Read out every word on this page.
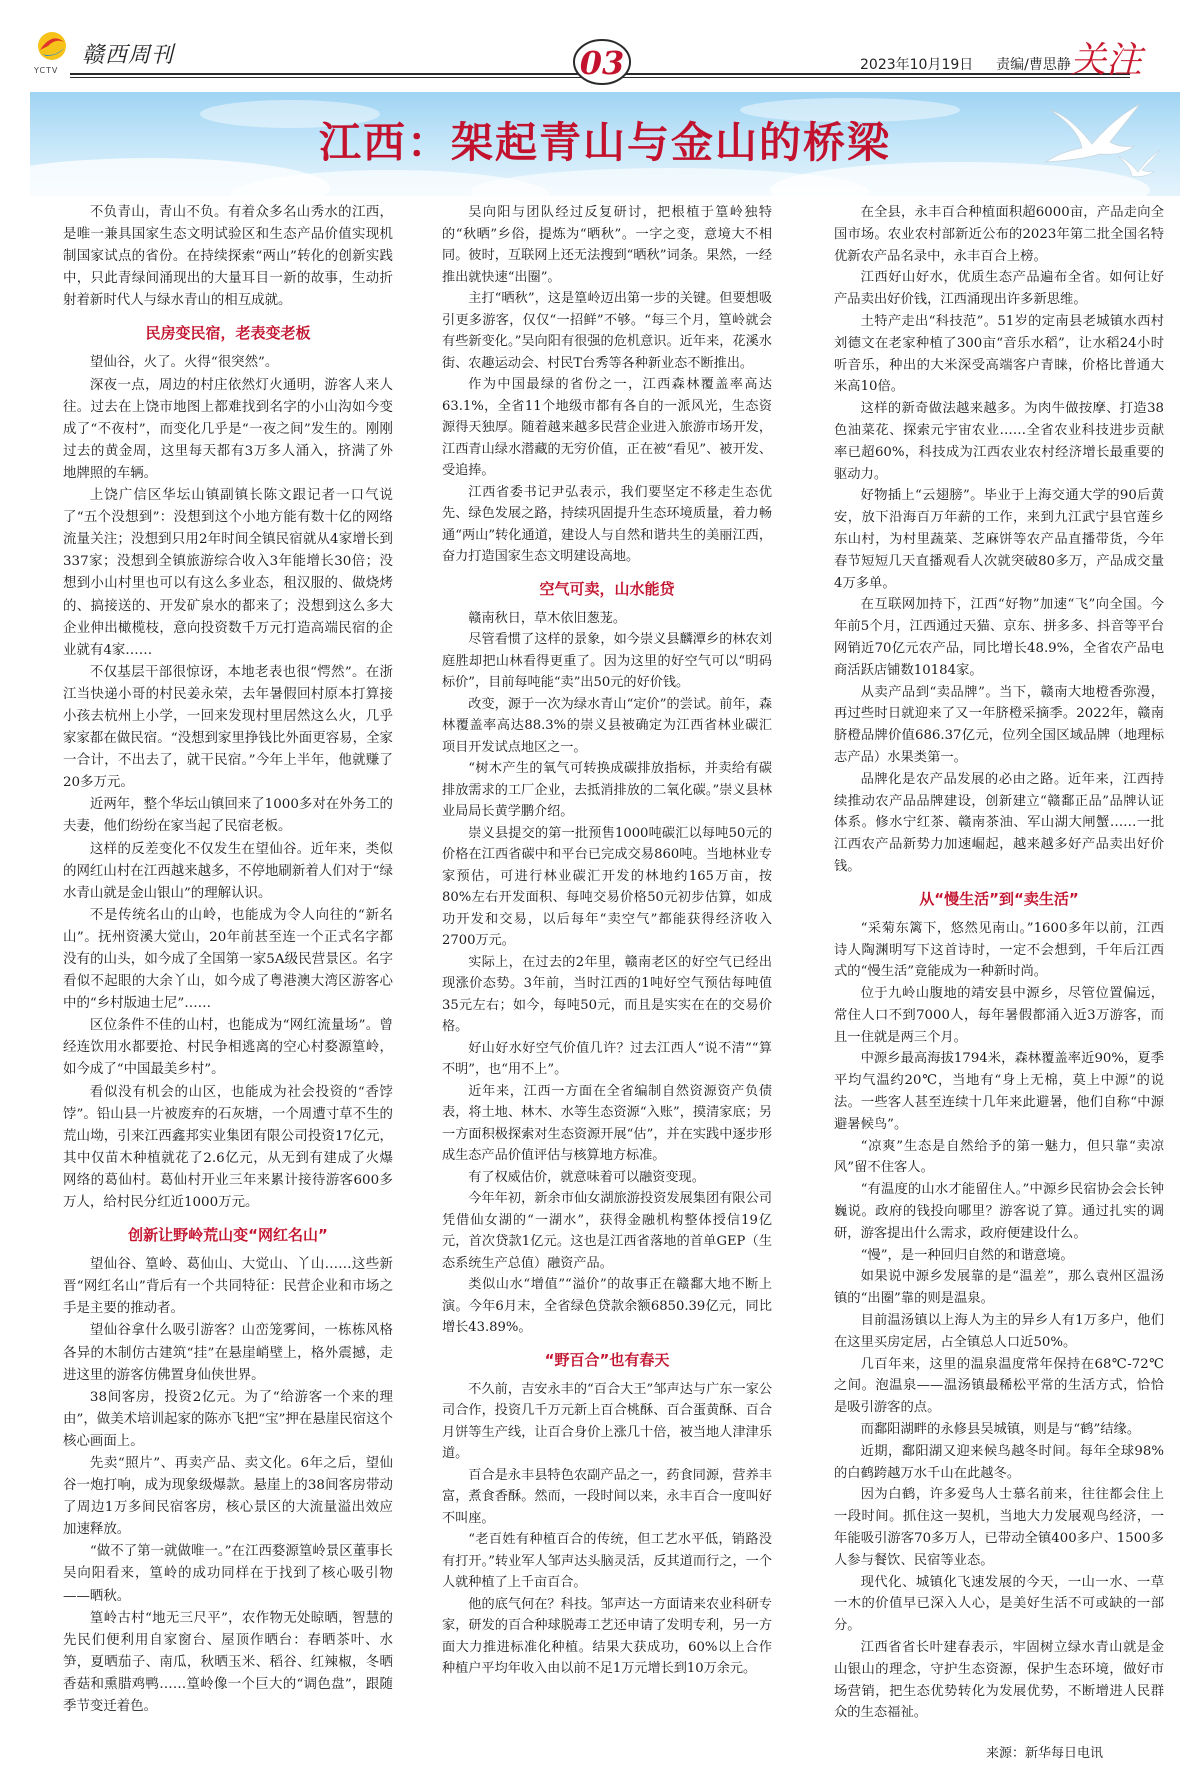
YCTV
赣西周刊	03	2023年10月19日 责编/曹思静 关注
江西：架起青山与金山的桥梁

不负青山，青山不负。有着众多名山秀水的江西，是唯一兼具国家生态文明试验区和生态产品价值实现机制国家试点的省份。在持续探索“两山”转化的创新实践中，只此青绿间涌现出的大量耳目一新的故事，生动折射着新时代人与绿水青山的相互成就。

民房变民宿，老表变老板

望仙谷，火了。火得“很突然”。

深夜一点，周边的村庄依然灯火通明，游客人来人往。过去在上饶市地图上都难找到名字的小山沟如今变成了“不夜村”，而变化几乎是“一夜之间”发生的。刚刚过去的黄金周，这里每天都有3万多人涌入，挤满了外地牌照的车辆。

上饶广信区华坛山镇副镇长陈文跟记者一口气说了“五个没想到”：没想到这个小地方能有数十亿的网络流量关注；没想到只用2年时间全镇民宿就从4家增长到337家；没想到全镇旅游综合收入3年能增长30倍；没想到小山村里也可以有这么多业态，租汉服的、做烧烤的、搞接送的、开发矿泉水的都来了；没想到这么多大企业伸出橄榄枝，意向投资数千万元打造高端民宿的企业就有4家……

不仅基层干部很惊讶，本地老表也很“愕然”。在浙江当快递小哥的村民姜永荣，去年暑假回村原本打算接小孩去杭州上小学，一回来发现村里居然这么火，几乎家家都在做民宿。“没想到家里挣钱比外面更容易，全家一合计，不出去了，就干民宿。”今年上半年，他就赚了20多万元。

近两年，整个华坛山镇回来了1000多对在外务工的夫妻，他们纷纷在家当起了民宿老板。

这样的反差变化不仅发生在望仙谷。近年来，类似的网红山村在江西越来越多，不停地刷新着人们对于“绿水青山就是金山银山”的理解认识。

不是传统名山的山岭，也能成为令人向往的“新名山”。抚州资溪大觉山，20年前甚至连一个正式名字都没有的山头，如今成了全国第一家5A级民营景区。名字看似不起眼的大余丫山，如今成了粤港澳大湾区游客心中的“乡村版迪士尼”……

区位条件不佳的山村，也能成为“网红流量场”。曾经连饮用水都要抢、村民争相逃离的空心村婺源篁岭，如今成了“中国最美乡村”。

看似没有机会的山区，也能成为社会投资的“香饽饽”。铅山县一片被废弃的石灰塘，一个周遭寸草不生的荒山坳，引来江西鑫邦实业集团有限公司投资17亿元，其中仅苗木种植就花了2.6亿元，从无到有建成了火爆网络的葛仙村。葛仙村开业三年来累计接待游客600多万人，给村民分红近1000万元。

创新让野岭荒山变“网红名山”

望仙谷、篁岭、葛仙山、大觉山、丫山……这些新晋“网红名山”背后有一个共同特征：民营企业和市场之手是主要的推动者。

望仙谷拿什么吸引游客？山峦笼雾间，一栋栋风格各异的木制仿古建筑“挂”在悬崖峭壁上，格外震撼，走进这里的游客仿佛置身仙侠世界。

38间客房，投资2亿元。为了“给游客一个来的理由”，做美术培训起家的陈亦飞把“宝”押在悬崖民宿这个核心画面上。

先卖“照片”、再卖产品、卖文化。6年之后，望仙谷一炮打响，成为现象级爆款。悬崖上的38间客房带动了周边1万多间民宿客房，核心景区的大流量溢出效应加速释放。

“做不了第一就做唯一。”在江西婺源篁岭景区董事长吴向阳看来，篁岭的成功同样在于找到了核心吸引物——晒秋。

篁岭古村“地无三尺平”，农作物无处晾晒，智慧的先民们便利用自家窗台、屋顶作晒台：春晒茶叶、水笋，夏晒茄子、南瓜，秋晒玉米、稻谷、红辣椒，冬晒香菇和熏腊鸡鸭……篁岭像一个巨大的“调色盘”，跟随季节变迁着色。

吴向阳与团队经过反复研讨，把根植于篁岭独特的“秋晒”乡俗，提炼为“晒秋”。一字之变，意境大不相同。彼时，互联网上还无法搜到“晒秋”词条。果然，一经推出就快速“出圈”。

主打“晒秋”，这是篁岭迈出第一步的关键。但要想吸引更多游客，仅仅“一招鲜”不够。“每三个月，篁岭就会有些新变化。”吴向阳有很强的危机意识。近年来，花溪水街、农趣运动会、村民T台秀等各种新业态不断推出。

作为中国最绿的省份之一，江西森林覆盖率高达63.1%，全省11个地级市都有各自的一派风光，生态资源得天独厚。随着越来越多民营企业进入旅游市场开发，江西青山绿水潜藏的无穷价值，正在被“看见”、被开发、受追捧。

江西省委书记尹弘表示，我们要坚定不移走生态优先、绿色发展之路，持续巩固提升生态环境质量，着力畅通“两山”转化通道，建设人与自然和谐共生的美丽江西，奋力打造国家生态文明建设高地。

空气可卖，山水能贷

赣南秋日，草木依旧葱茏。

尽管看惯了这样的景象，如今崇义县麟潭乡的林农刘庭胜却把山林看得更重了。因为这里的好空气可以“明码标价”，目前每吨能“卖”出50元的好价钱。

改变，源于一次为绿水青山“定价”的尝试。前年，森林覆盖率高达88.3%的崇义县被确定为江西省林业碳汇项目开发试点地区之一。

“树木产生的氧气可转换成碳排放指标，并卖给有碳排放需求的工厂企业，去抵消排放的二氧化碳。”崇义县林业局局长黄学鹏介绍。

崇义县提交的第一批预售1000吨碳汇以每吨50元的价格在江西省碳中和平台已完成交易860吨。当地林业专家预估，可进行林业碳汇开发的林地约165万亩，按80%左右开发面积、每吨交易价格50元初步估算，如成功开发和交易，以后每年“卖空气”都能获得经济收入2700万元。

实际上，在过去的2年里，赣南老区的好空气已经出现涨价态势。3年前，当时江西的1吨好空气预估每吨值35元左右；如今，每吨50元，而且是实实在在的交易价格。

好山好水好空气价值几许？过去江西人“说不清”“算不明”，也“用不上”。

近年来，江西一方面在全省编制自然资源资产负债表，将土地、林木、水等生态资源“入账”，摸清家底；另一方面积极探索对生态资源开展“估”，并在实践中逐步形成生态产品价值评估与核算地方标准。

有了权威估价，就意味着可以融资变现。

今年年初，新余市仙女湖旅游投资发展集团有限公司凭借仙女湖的“一湖水”，获得金融机构整体授信19亿元，首次贷款1亿元。这也是江西省落地的首单GEP（生态系统生产总值）融资产品。

类似山水“增值”“溢价”的故事正在赣鄱大地不断上演。今年6月末，全省绿色贷款余额6850.39亿元，同比增长43.89%。

“野百合”也有春天

不久前，吉安永丰的“百合大王”邹声达与广东一家公司合作，投资几千万元新上百合桃酥、百合蛋黄酥、百合月饼等生产线，让百合身价上涨几十倍，被当地人津津乐道。

百合是永丰县特色农副产品之一，药食同源，营养丰富，煮食香酥。然而，一段时间以来，永丰百合一度叫好不叫座。

“老百姓有种植百合的传统，但工艺水平低，销路没有打开。”转业军人邹声达头脑灵活，反其道而行之，一个人就种植了上千亩百合。

他的底气何在？科技。邹声达一方面请来农业科研专家，研发的百合种球脱毒工艺还申请了发明专利，另一方面大力推进标准化种植。结果大获成功，60%以上合作种植户平均年收入由以前不足1万元增长到10万余元。

在全县，永丰百合种植面积超6000亩，产品走向全国市场。农业农村部新近公布的2023年第二批全国名特优新农产品名录中，永丰百合上榜。

江西好山好水，优质生态产品遍布全省。如何让好产品卖出好价钱，江西涌现出许多新思维。

土特产走出“科技范”。51岁的定南县老城镇水西村刘德文在老家种植了300亩“音乐水稻”，让水稻24小时听音乐，种出的大米深受高端客户青睐，价格比普通大米高10倍。

这样的新奇做法越来越多。为肉牛做按摩、打造38色油菜花、探索元宇宙农业……全省农业科技进步贡献率已超60%，科技成为江西农业农村经济增长最重要的驱动力。

好物插上“云翅膀”。毕业于上海交通大学的90后黄安，放下沿海百万年薪的工作，来到九江武宁县官莲乡东山村，为村里蔬菜、芝麻饼等农产品直播带货，今年春节短短几天直播观看人次就突破80多万，产品成交量4万多单。

在互联网加持下，江西“好物”加速“飞”向全国。今年前5个月，江西通过天猫、京东、拼多多、抖音等平台网销近70亿元农产品，同比增长48.9%，全省农产品电商活跃店铺数10184家。

从卖产品到“卖品牌”。当下，赣南大地橙香弥漫，再过些时日就迎来了又一年脐橙采摘季。2022年，赣南脐橙品牌价值686.37亿元，位列全国区域品牌（地理标志产品）水果类第一。

品牌化是农产品发展的必由之路。近年来，江西持续推动农产品品牌建设，创新建立“赣鄱正品”品牌认证体系。修水宁红茶、赣南茶油、军山湖大闸蟹……一批江西农产品新势力加速崛起，越来越多好产品卖出好价钱。

从“慢生活”到“卖生活”

“采菊东篱下，悠然见南山。”1600多年以前，江西诗人陶渊明写下这首诗时，一定不会想到，千年后江西式的“慢生活”竟能成为一种新时尚。

位于九岭山腹地的靖安县中源乡，尽管位置偏远，常住人口不到7000人，每年暑假都涌入近3万游客，而且一住就是两三个月。

中源乡最高海拔1794米，森林覆盖率近90%，夏季平均气温约20℃，当地有“身上无棉，莫上中源”的说法。一些客人甚至连续十几年来此避暑，他们自称“中源避暑候鸟”。

“凉爽”生态是自然给予的第一魅力，但只靠“卖凉风”留不住客人。

“有温度的山水才能留住人。”中源乡民宿协会会长钟巍说。政府的钱投向哪里？游客说了算。通过扎实的调研，游客提出什么需求，政府便建设什么。

“慢”，是一种回归自然的和谐意境。

如果说中源乡发展靠的是“温差”，那么袁州区温汤镇的“出圈”靠的则是温泉。

目前温汤镇以上海人为主的异乡人有1万多户，他们在这里买房定居，占全镇总人口近50%。

几百年来，这里的温泉温度常年保持在68℃-72℃之间。泡温泉——温汤镇最稀松平常的生活方式，恰恰是吸引游客的点。

而鄱阳湖畔的永修县吴城镇，则是与“鹤”结缘。

近期，鄱阳湖又迎来候鸟越冬时间。每年全球98%的白鹤跨越万水千山在此越冬。

因为白鹤，许多爱鸟人士慕名前来，往往都会住上一段时间。抓住这一契机，当地大力发展观鸟经济，一年能吸引游客70多万人，已带动全镇400多户、1500多人参与餐饮、民宿等业态。

现代化、城镇化飞速发展的今天，一山一水、一草一木的价值早已深入人心，是美好生活不可或缺的一部分。

江西省省长叶建春表示，牢固树立绿水青山就是金山银山的理念，守护生态资源，保护生态环境，做好市场营销，把生态优势转化为发展优势，不断增进人民群众的生态福祉。

来源：新华每日电讯
